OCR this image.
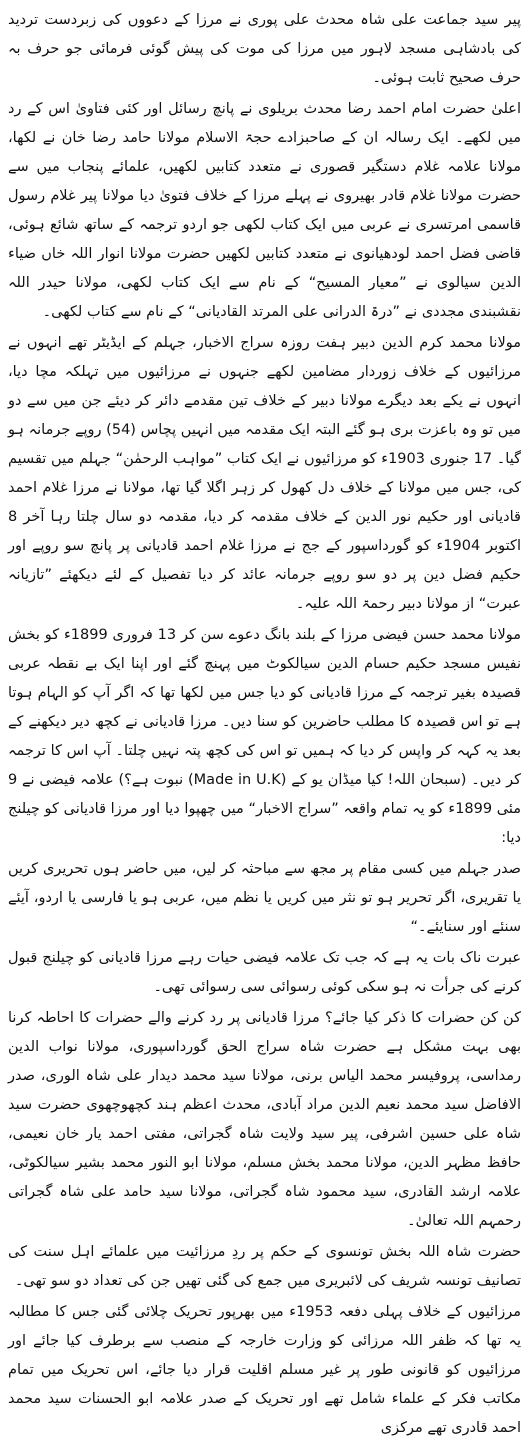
پیر سید جماعت علی شاہ محدث علی پوری نے مرزا کے دعووں کی زبردست تردید کی بادشاہی مسجد لاہور میں مرزا کی موت کی پیش گوئی فرمائی جو حرف بہ حرف صحیح ثابت ہوئی۔

اعلیٰ حضرت امام احمد رضا محدث بریلوی نے پانچ رسائل اور کئی فتاویٰ اس کے رد میں لکھے۔ ایک رسالہ ان کے صاحبزادے حجۃ الاسلام مولانا حامد رضا خان نے لکھا، مولانا علامہ غلام دستگیر قصوری نے متعدد کتابیں لکھیں، علمائے پنجاب میں سے حضرت مولانا غلام قادر بھیروی نے پہلے مرزا کے خلاف فتویٰ دیا مولانا پیر غلام رسول قاسمی امرتسری نے عربی میں ایک کتاب لکھی جو اردو ترجمہ کے ساتھ شائع ہوئی، قاضی فضل احمد لودھیانوی نے متعدد کتابیں لکھیں حضرت مولانا انوار اللہ خاں ضیاء الدین سیالوی نے ”معیار المسیح“ کے نام سے ایک کتاب لکھی، مولانا حیدر اللہ نقشبندی مجددی نے ”درۃ الدرانی علی المرتد القادیانی“ کے نام سے کتاب لکھی۔

مولانا محمد کرم الدین دبیر ہفت روزہ سراج الاخبار، جہلم کے ایڈیٹر تھے انہوں نے مرزائیوں کے خلاف زوردار مضامین لکھے جنہوں نے مرزائیوں میں تہلکہ مچا دیا، انہوں نے یکے بعد دیگرے مولانا دبیر کے خلاف تین مقدمے دائر کر دیئے جن میں سے دو میں تو وہ باعزت بری ہو گئے البتہ ایک مقدمہ میں انہیں پچاس (54) روپے جرمانہ ہو گیا۔ 17 جنوری 1903ء کو مرزائیوں نے ایک کتاب ”مواہب الرحمٰن“ جہلم میں تقسیم کی، جس میں مولانا کے خلاف دل کھول کر زہر اگلا گیا تھا، مولانا نے مرزا غلام احمد قادیانی اور حکیم نور الدین کے خلاف مقدمہ کر دیا، مقدمہ دو سال چلتا رہا آخر 8 اکتوبر 1904ء کو گورداسپور کے جج نے مرزا غلام احمد قادیانی پر پانچ سو روپے اور حکیم فضل دین پر دو سو روپے جرمانہ عائد کر دیا تفصیل کے لئے دیکھئے ”تازیانہ عبرت“ از مولانا دبیر رحمۃ اللہ علیہ۔

مولانا محمد حسن فیضی مرزا کے بلند بانگ دعوے سن کر 13 فروری 1899ء کو بخش نفیس مسجد حکیم حسام الدین سیالکوٹ میں پہنچ گئے اور اپنا ایک بے نقطہ عربی قصیدہ بغیر ترجمہ کے مرزا قادیانی کو دیا جس میں لکھا تھا کہ اگر آپ کو الہام ہوتا ہے تو اس قصیدہ کا مطلب حاضرین کو سنا دیں۔ مرزا قادیانی نے کچھ دیر دیکھنے کے بعد یہ کہہ کر واپس کر دیا کہ ہمیں تو اس کی کچھ پتہ نہیں چلتا۔ آپ اس کا ترجمہ کر دیں۔ (سبحان اللہ! کیا میڈان یو کے (Made in U.K) نبوت ہے؟) علامہ فیضی نے 9 مئی 1899ء کو یہ تمام واقعہ ”سراج الاخبار“ میں چھپوا دیا اور مرزا قادیانی کو چیلنج دیا:

صدر جہلم میں کسی مقام پر مجھ سے مباحثہ کر لیں، میں حاضر ہوں تحریری کریں یا تقریری، اگر تحریر ہو تو نثر میں کریں یا نظم میں، عربی ہو یا فارسی یا اردو، آیئے سنئے اور سنایئے۔“

عبرت ناک بات یہ ہے کہ جب تک علامہ فیضی حیات رہے مرزا قادیانی کو چیلنج قبول کرنے کی جرأت نہ ہو سکی کوئی رسوائی سی رسوائی تھی۔

کن کن حضرات کا ذکر کیا جائے؟ مرزا قادیانی پر رد کرنے والے حضرات کا احاطہ کرنا بھی بہت مشکل ہے حضرت شاہ سراج الحق گورداسپوری، مولانا نواب الدین رمداسی، پروفیسر محمد الیاس برنی، مولانا سید محمد دیدار علی شاہ الوری، صدر الافاضل سید محمد نعیم الدین مراد آبادی، محدث اعظم ہند کچھوچھوی حضرت سید شاہ علی حسین اشرفی، پیر سید ولایت شاہ گجراتی، مفتی احمد یار خان نعیمی، حافظ مظہر الدین، مولانا محمد بخش مسلم، مولانا ابو النور محمد بشیر سیالکوٹی، علامہ ارشد القادری، سید محمود شاہ گجراتی، مولانا سید حامد علی شاہ گجراتی رحمہم اللہ تعالیٰ۔

حضرت شاہ اللہ بخش تونسوی کے حکم پر ردِ مرزائیت میں علمائے اہل سنت کی تصانیف تونسہ شریف کی لائبریری میں جمع کی گئی تھیں جن کی تعداد دو سو تھی۔

مرزائیوں کے خلاف پہلی دفعہ 1953ء میں بھرپور تحریک چلائی گئی جس کا مطالبہ یہ تھا کہ ظفر اللہ مرزائی کو وزارت خارجہ کے منصب سے برطرف کیا جائے اور مرزائیوں کو قانونی طور پر غیر مسلم اقلیت قرار دیا جائے، اس تحریک میں تمام مکاتب فکر کے علماء شامل تھے اور تحریک کے صدر علامہ ابو الحسنات سید محمد احمد قادری تھے مرکزی
